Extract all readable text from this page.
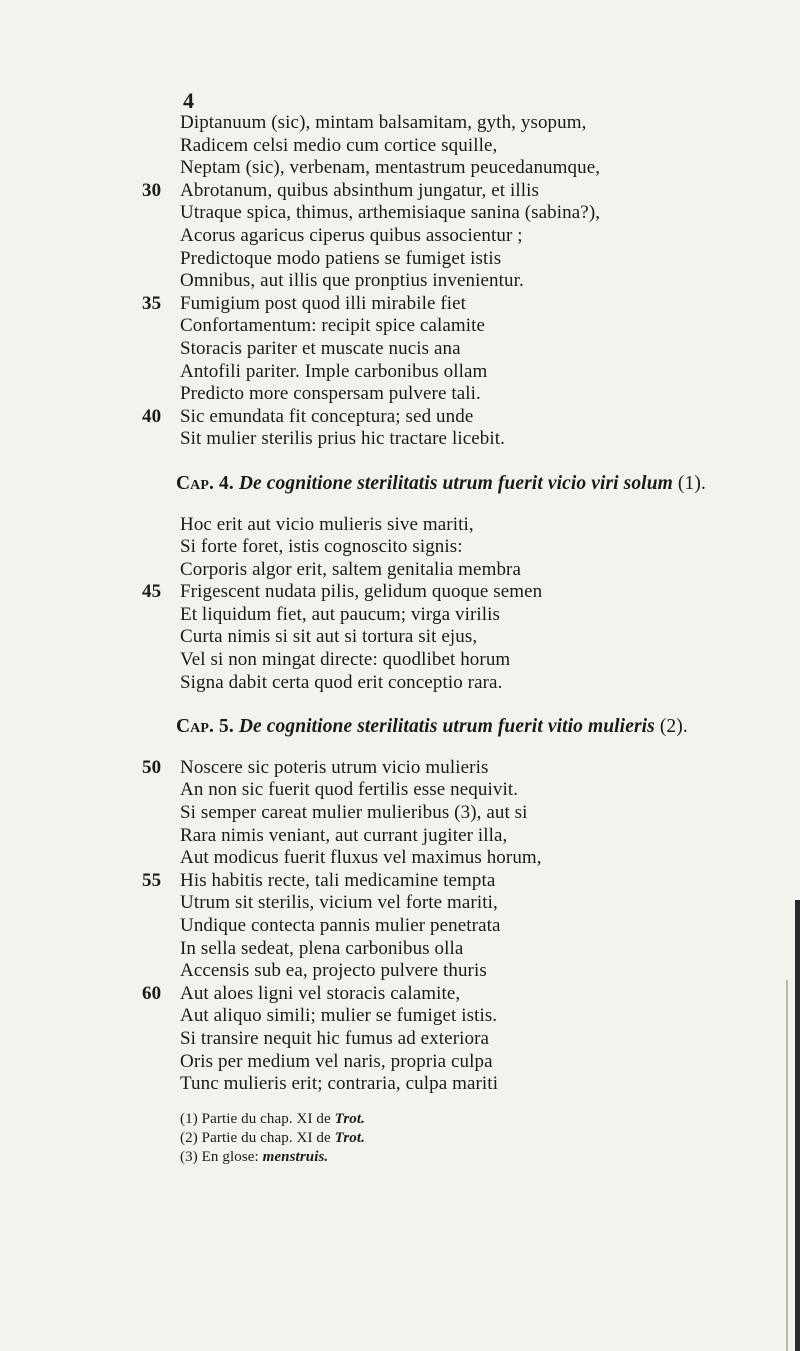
4
Diptanuum (sic), mintam balsamitam, gyth, ysopum,
Radicem celsi medio cum cortice squille,
Neptam (sic), verbenam, mentastrum peucedanumque,
30 Abrotanum, quibus absinthum jungatur, et illis
Utraque spica, thimus, arthemisiaque sanina (sabina?),
Acorus agaricus ciperus quibus associentur ;
Predictoque modo patiens se fumiget istis
Omnibus, aut illis que pronptius invenientur.
35 Fumigium post quod illi mirabile fiet
Confortamentum: recipit spice calamite
Storacis pariter et muscate nucis ana
Antofili pariter. Imple carbonibus ollam
Predicto more conspersam pulvere tali.
40 Sic emundata fit conceptura; sed unde
Sit mulier sterilis prius hic tractare licebit.
Cap. 4. De cognitione sterilitatis utrum fuerit vicio viri solum (1).
Hoc erit aut vicio mulieris sive mariti,
Si forte foret, istis cognoscito signis:
Corporis algor erit, saltem genitalia membra
45 Frigescent nudata pilis, gelidum quoque semen
Et liquidum fiet, aut paucum; virga virilis
Curta nimis si sit aut si tortura sit ejus,
Vel si non mingat directe: quodlibet horum
Signa dabit certa quod erit conceptio rara.
Cap. 5. De cognitione sterilitatis utrum fuerit vitio mulieris (2).
50 Noscere sic poteris utrum vicio mulieris
An non sic fuerit quod fertilis esse nequivit.
Si semper careat mulier mulieribus (3), aut si
Rara nimis veniant, aut currant jugiter illa,
Aut modicus fuerit fluxus vel maximus horum,
55 His habitis recte, tali medicamine tempta
Utrum sit sterilis, vicium vel forte mariti,
Undique contecta pannis mulier penetrata
In sella sedeat, plena carbonibus olla
Accensis sub ea, projecto pulvere thuris
60 Aut aloes ligni vel storacis calamite,
Aut aliquo simili; mulier se fumiget istis.
Si transire nequit hic fumus ad exteriora
Oris per medium vel naris, propria culpa
Tunc mulieris erit; contraria, culpa mariti
(1) Partie du chap. XI de Trot.
(2) Partie du chap. XI de Trot.
(3) En glose: menstruis.
